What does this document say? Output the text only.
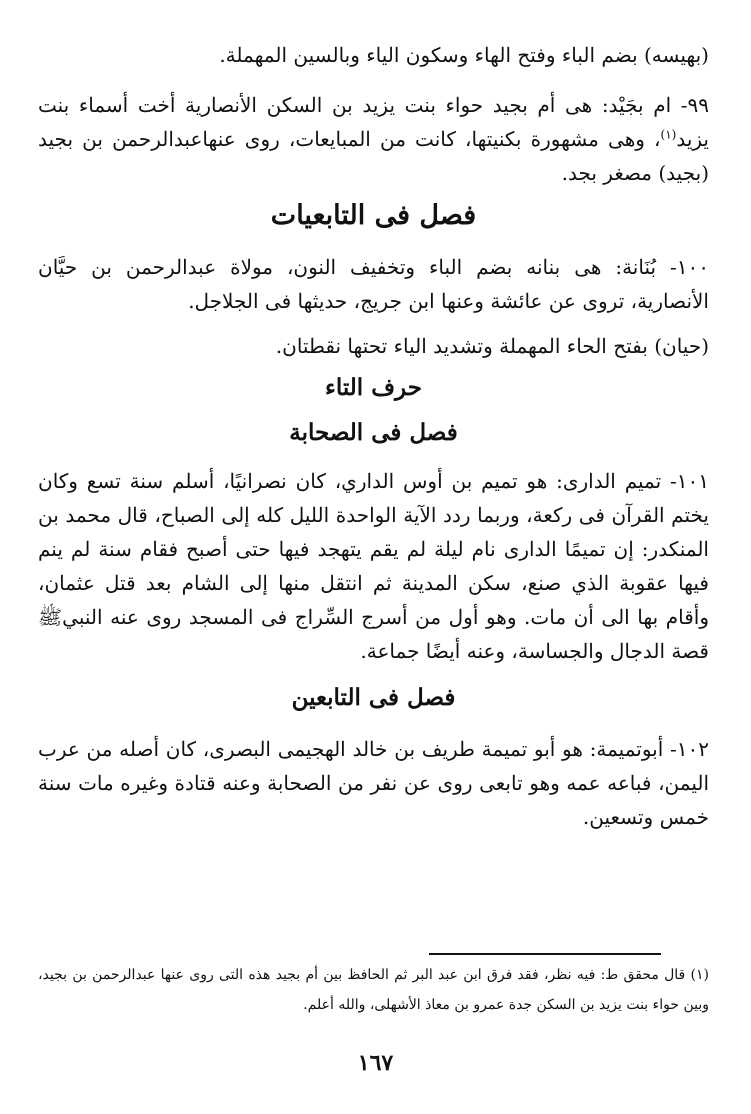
(بهيسه) بضم الباء وفتح الهاء وسكون الياء وبالسين المهملة.
٩٩- ام بجَيْد: هى أم بجيد حواء بنت يزيد بن السكن الأنصارية أخت أسماء بنت يزيد$^{(١)}$، وهى مشهورة بكنيتها، كانت من المبايعات، روى عنهاعبدالرحمن بن بجيد (بجيد) مصغر بجد.
فصل فى التابعيات
١٠٠- بُنَانة: هى بنانه بضم الباء وتخفيف النون، مولاة عبدالرحمن بن حيَّان الأنصارية، تروى عن عائشة وعنها ابن جريج، حديثها فى الجلاجل.
(حيان) بفتح الحاء المهملة وتشديد الياء تحتها نقطتان.
حرف التاء
فصل فى الصحابة
١٠١- تميم الدارى: هو تميم بن أوس الداري، كان نصرانيًا، أسلم سنة تسع وكان يختم القرآن فى ركعة، وربما ردد الآية الواحدة الليل كله إلى الصباح، قال محمد بن المنكدر: إن تميمًا الدارى نام ليلة لم يقم يتهجد فيها حتى أصبح فقام سنة لم ينم فيها عقوبة الذي صنع، سكن المدينة ثم انتقل منها إلى الشام بعد قتل عثمان، وأقام بها الى أن مات. وهو أول من أسرج السِّراج فى المسجد روى عنه النبيﷺ قصة الدجال والجساسة، وعنه أيضًا جماعة.
فصل فى التابعين
١٠٢- أبوتميمة: هو أبو تميمة طريف بن خالد الهجيمى البصرى، كان أصله من عرب اليمن، فباعه عمه وهو تابعى روى عن نفر من الصحابة وعنه قتادة وغيره مات سنة خمس وتسعين.
(١) قال محقق ط: فيه نظر، فقد فرق ابن عبد البر ثم الحافظ بين أم بجيد هذه التى روى عنها عبدالرحمن بن بجيد، وبين حواء بنت يزيد بن السكن جدة عمرو بن معاذ الأشهلى، والله أعلم.
١٦٧
